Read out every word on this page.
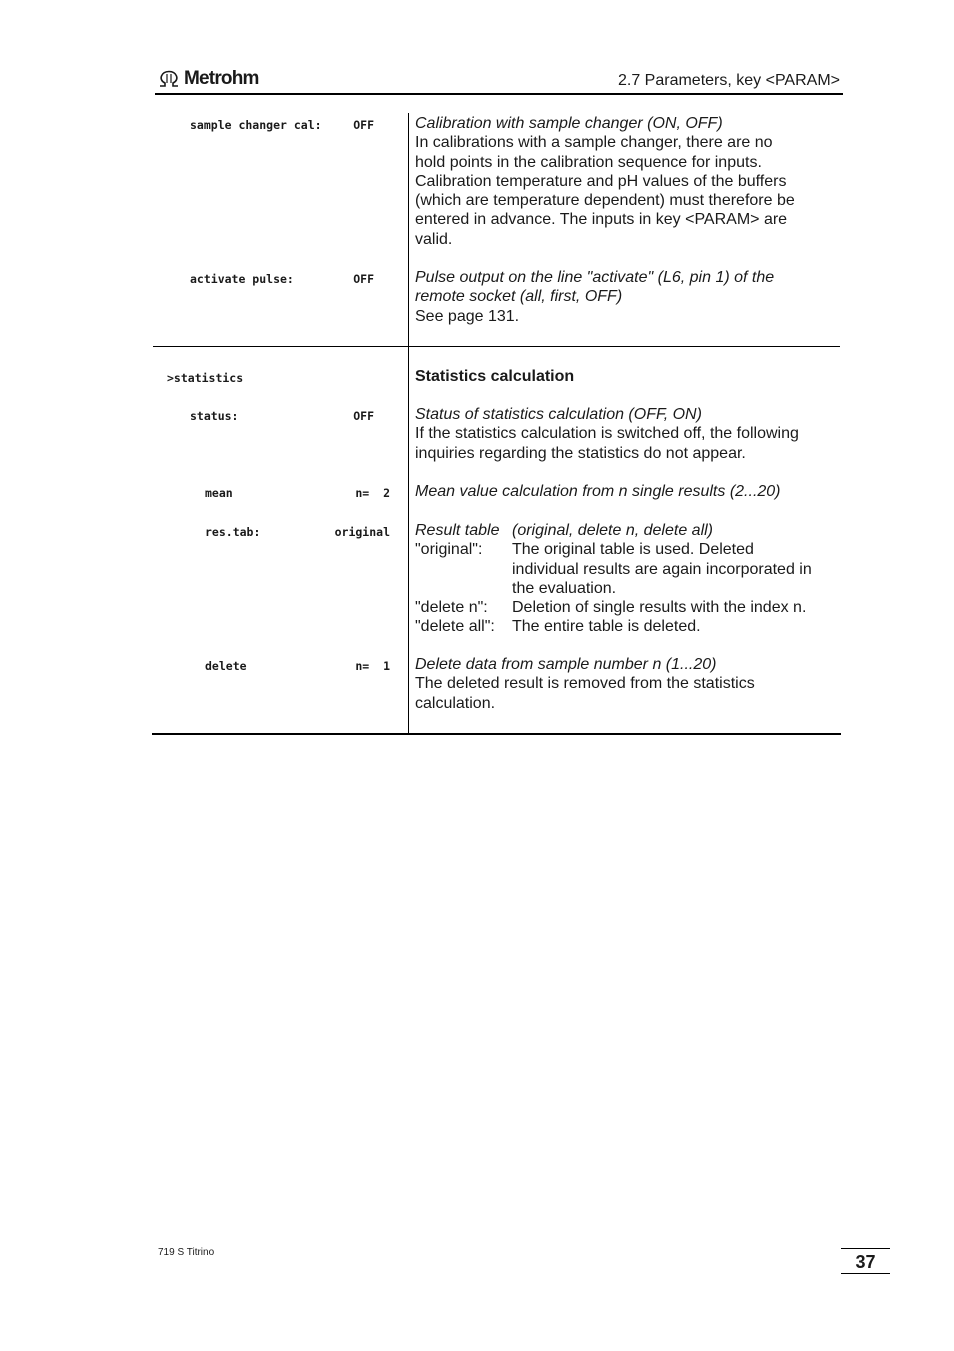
Metrohm	2.7 Parameters, key <PARAM>
sample changer cal:	OFF	Calibration with sample changer (ON, OFF)
In calibrations with a sample changer, there are no
hold points in the calibration sequence for inputs.
Calibration temperature and pH values of the buffers
(which are temperature dependent) must therefore be
entered in advance. The inputs in key <PARAM> are
valid.
activate pulse:	OFF	Pulse output on the line "activate" (L6, pin 1) of the
remote socket (all, first, OFF)
See page 131.
>statistics	Statistics calculation
status:	OFF	Status of statistics calculation (OFF, ON)
If the statistics calculation is switched off, the following
inquiries regarding the statistics do not appear.
mean	n=  2 Mean value calculation from n single results (2...20)
res.tab:	original Result table (original, delete n, delete all)
"original":	The original table is used. Deleted
individual results are again incorporated in
the evaluation.
"delete n":	Deletion of single results with the index n.
"delete all":	The entire table is deleted.
delete	n=  1 Delete data from sample number n (1...20)
The deleted result is removed from the statistics
calculation.
719 S Titrino	37
